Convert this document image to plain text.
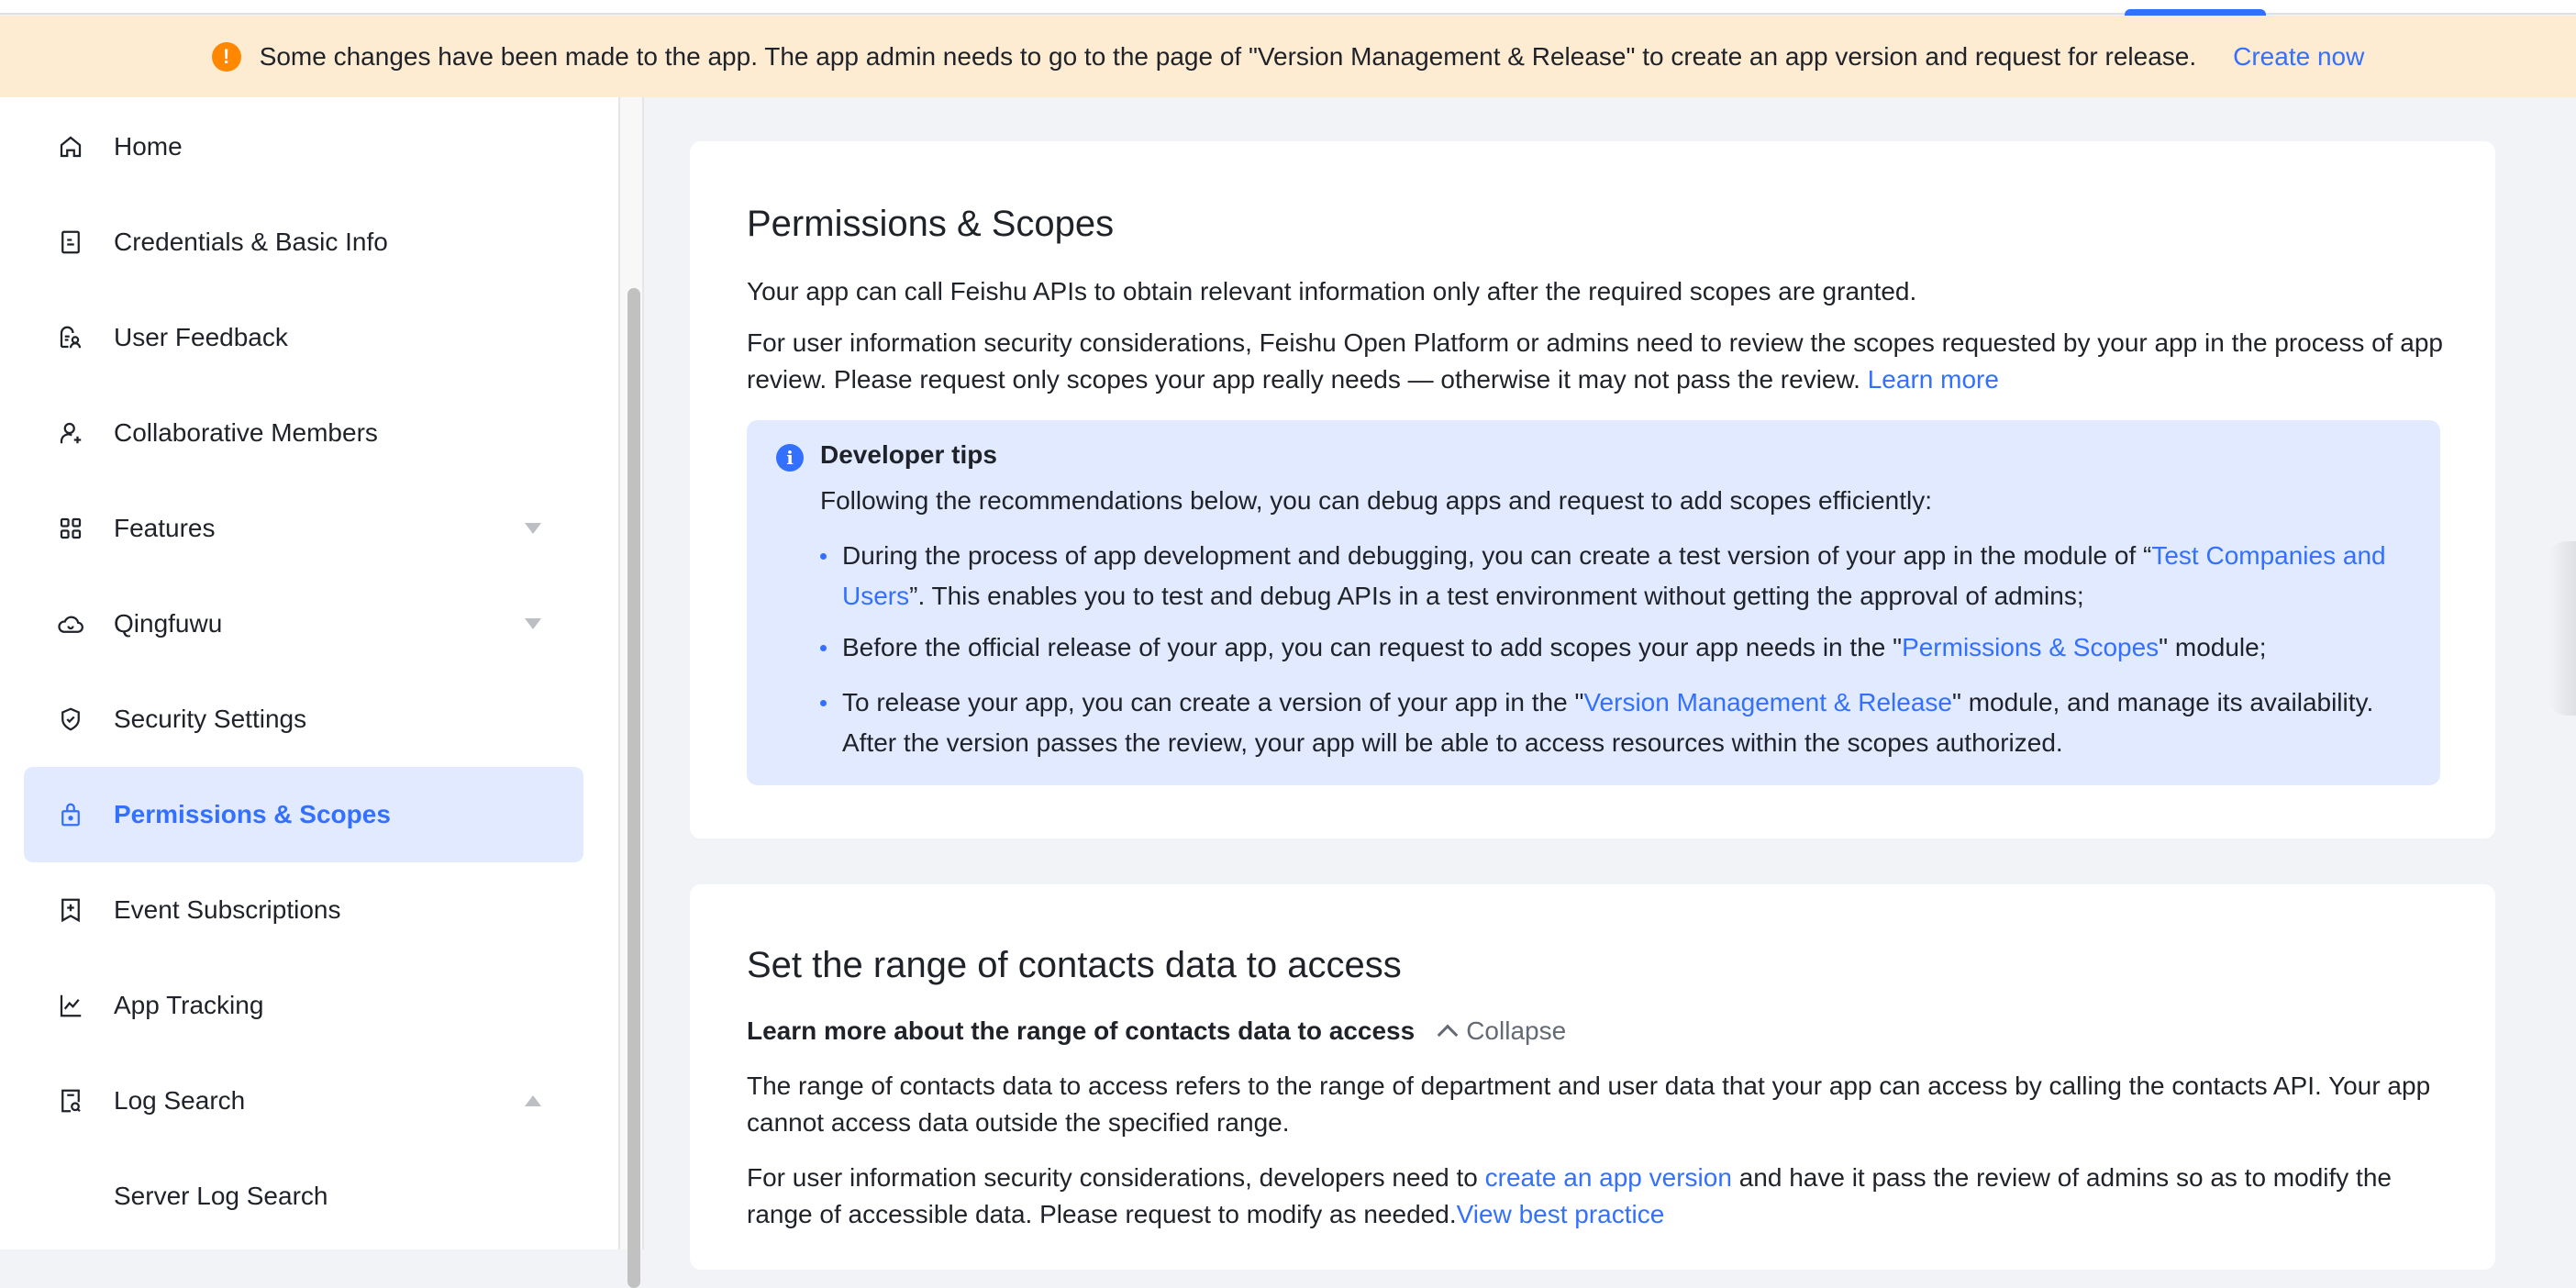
!	Some changes have been made to the app. The app admin needs to go to the page of "Version Management & Release" to create an app version and request for release. Create now
Home
Credentials & Basic Info
User Feedback
Collaborative Members
Features
Qingfuwu
Security Settings
Permissions & Scopes
Event Subscriptions
App Tracking
Log Search
Server Log Search
Permissions & Scopes
Your app can call Feishu APIs to obtain relevant information only after the required scopes are granted.
For user information security considerations, Feishu Open Platform or admins need to review the scopes requested by your app in the process of app review. Please request only scopes your app really needs — otherwise it may not pass the review. Learn more
i	Developer tips
Following the recommendations below, you can debug apps and request to add scopes efficiently:
During the process of app development and debugging, you can create a test version of your app in the module of “Test Companies and Users”. This enables you to test and debug APIs in a test environment without getting the approval of admins;
Before the official release of your app, you can request to add scopes your app needs in the "Permissions & Scopes" module;
To release your app, you can create a version of your app in the "Version Management & Release" module, and manage its availability. After the version passes the review, your app will be able to access resources within the scopes authorized.
Set the range of contacts data to access
Learn more about the range of contacts data to access Collapse
The range of contacts data to access refers to the range of department and user data that your app can access by calling the contacts API. Your app cannot access data outside the specified range.
For user information security considerations, developers need to create an app version and have it pass the review of admins so as to modify the range of accessible data. Please request to modify as needed.View best practice
